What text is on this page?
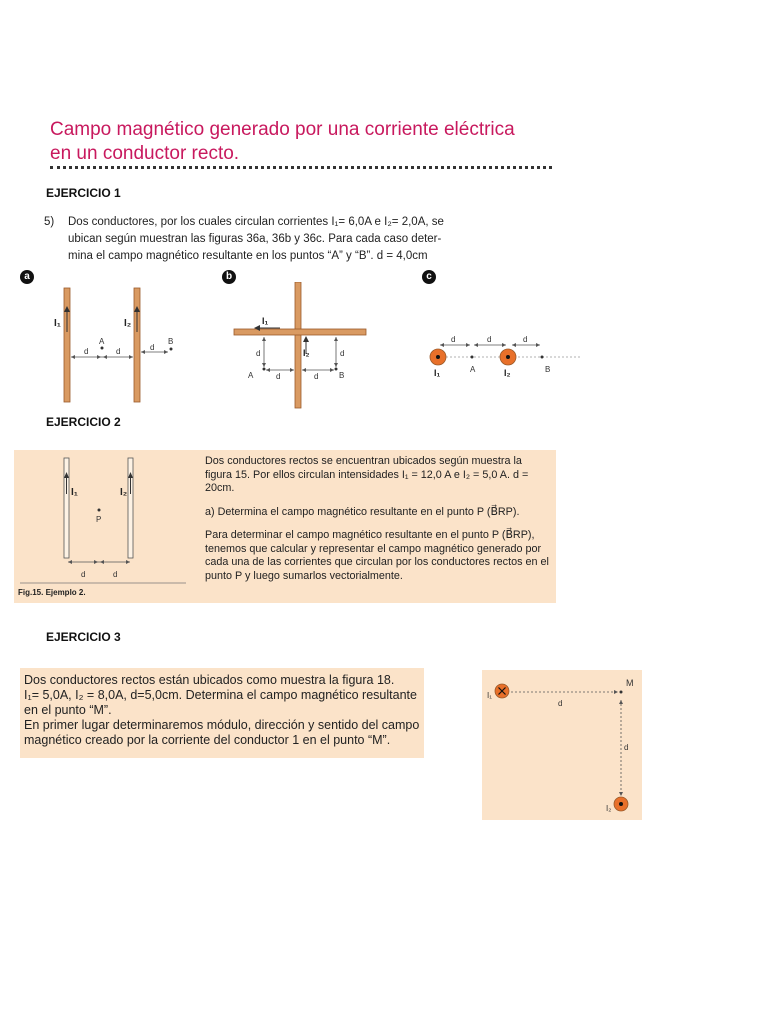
Campo magnético generado por una corriente eléctrica
en un conductor recto.
EJERCICIO 1
5) Dos conductores, por los cuales circulan corrientes I₁= 6,0A e I₂= 2,0A, se
ubican según muestran las figuras 36a, 36b y 36c. Para cada caso deter-
mina el campo magnético resultante en los puntos “A” y “B”. d = 4,0cm
a	b	c
I₁	I₂
A
d	d	d
B
I₁
I₂
d	d
d	d
A	B
d	d	d
I₁	A	I₂	B
EJERCICIO 2
I₁	I₂
P
d	d
Fig.15. Ejemplo 2.

Dos conductores rectos se encuentran ubicados según muestra la figura 15. Por ellos circulan intensidades I₁ = 12,0 A e I₂ = 5,0 A. d = 20cm.

a) Determina el campo magnético resultante en el punto P (B⃗RP).

Para determinar el campo magnético resultante en el punto P (B⃗RP), tenemos que calcular y representar el campo magnético generado por cada una de las corrientes que circulan por los conductores rectos en el punto P y luego sumarlos vectorialmente.

EJERCICIO 3
Dos conductores rectos están ubicados como muestra la figura 18.
I₁= 5,0A, I₂ = 8,0A, d=5,0cm. Determina el campo magnético resultante
en el punto “M”.
En primer lugar determinaremos módulo, dirección y sentido del campo
magnético creado por la corriente del conductor 1 en el punto “M”.
I₁
d
M
d
I₂
